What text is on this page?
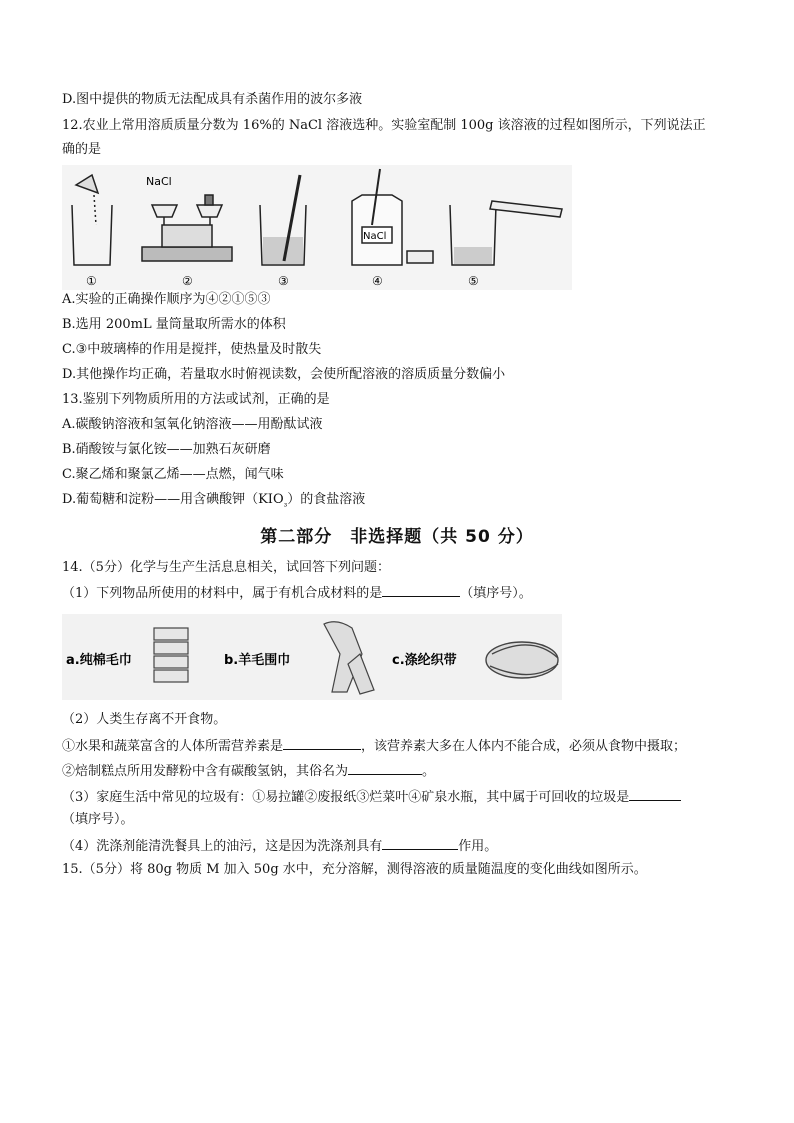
D.图中提供的物质无法配成具有杀菌作用的波尔多液
12.农业上常用溶质质量分数为 16%的 NaCl 溶液选种。实验室配制 100g 该溶液的过程如图所示，下列说法正
确的是
NaCl
NaCl
①	②	③	④	⑤
A.实验的正确操作顺序为④②①⑤③
B.选用 200mL 量筒量取所需水的体积
C.③中玻璃棒的作用是搅拌，使热量及时散失
D.其他操作均正确，若量取水时俯视读数，会使所配溶液的溶质质量分数偏小
13.鉴别下列物质所用的方法或试剂，正确的是
A.碳酸钠溶液和氢氧化钠溶液——用酚酞试液
B.硝酸铵与氯化铵——加熟石灰研磨
C.聚乙烯和聚氯乙烯——点燃，闻气味
D.葡萄糖和淀粉——用含碘酸钾$(KIO_{_3})$的食盐溶液
第二部分　非选择题（共 50 分）
14.（5分）化学与生产生活息息相关，试回答下列问题：
（1）下列物品所使用的材料中，属于有机合成材料的是	（填序号）。
a.纯棉毛巾	b.羊毛围巾	c.涤纶织带
（2）人类生存离不开食物。
①水果和蔬菜富含的人体所需营养素是	，该营养素大多在人体内不能合成，必须从食物中摄取；
②焙制糕点所用发酵粉中含有碳酸氢钠，其俗名为	。
（3）家庭生活中常见的垃圾有：①易拉罐②废报纸③烂菜叶④矿泉水瓶，其中属于可回收的垃圾是
（填序号）。
（4）洗涤剂能清洗餐具上的油污，这是因为洗涤剂具有	作用。
15.（5分）将 80g 物质 M 加入 50g 水中，充分溶解，测得溶液的质量随温度的变化曲线如图所示。
